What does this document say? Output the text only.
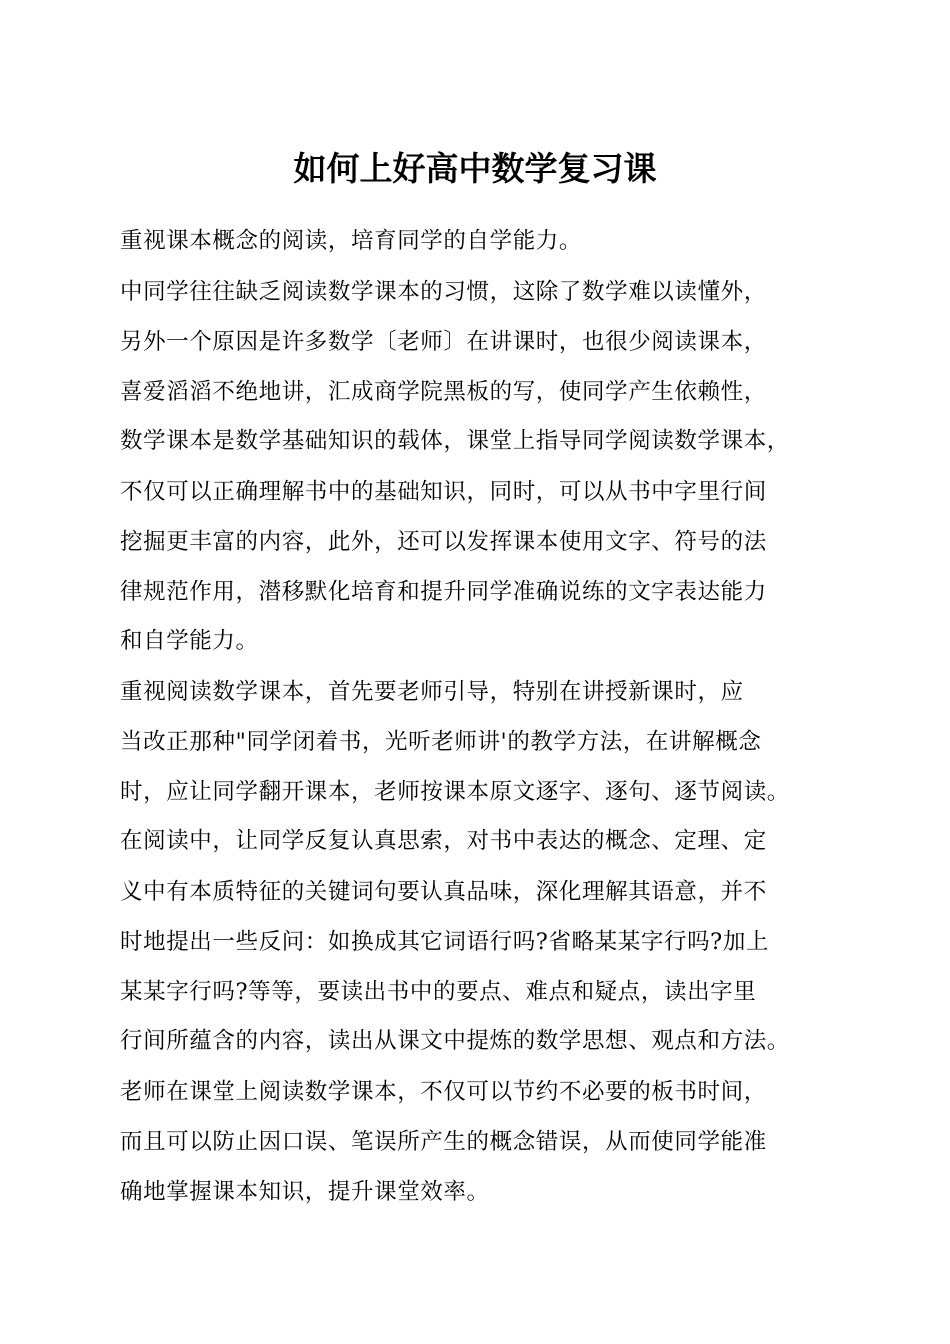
如何上好高中数学复习课
重视课本概念的阅读，培育同学的自学能力。
中同学往往缺乏阅读数学课本的习惯，这除了数学难以读懂外，
另外一个原因是许多数学〔老师〕在讲课时，也很少阅读课本，
喜爱滔滔不绝地讲，汇成商学院黑板的写，使同学产生依赖性，
数学课本是数学基础知识的载体，课堂上指导同学阅读数学课本，
不仅可以正确理解书中的基础知识，同时，可以从书中字里行间
挖掘更丰富的内容，此外，还可以发挥课本使用文字、符号的法
律规范作用，潜移默化培育和提升同学准确说练的文字表达能力
和自学能力。
重视阅读数学课本，首先要老师引导，特别在讲授新课时，应
当改正那种"同学闭着书，光听老师讲'的教学方法，在讲解概念
时，应让同学翻开课本，老师按课本原文逐字、逐句、逐节阅读。
在阅读中，让同学反复认真思索，对书中表达的概念、定理、定
义中有本质特征的关键词句要认真品味，深化理解其语意，并不
时地提出一些反问：如换成其它词语行吗?省略某某字行吗?加上
某某字行吗?等等，要读出书中的要点、难点和疑点，读出字里
行间所蕴含的内容，读出从课文中提炼的数学思想、观点和方法。
老师在课堂上阅读数学课本，不仅可以节约不必要的板书时间，
而且可以防止因口误、笔误所产生的概念错误，从而使同学能准
确地掌握课本知识，提升课堂效率。
